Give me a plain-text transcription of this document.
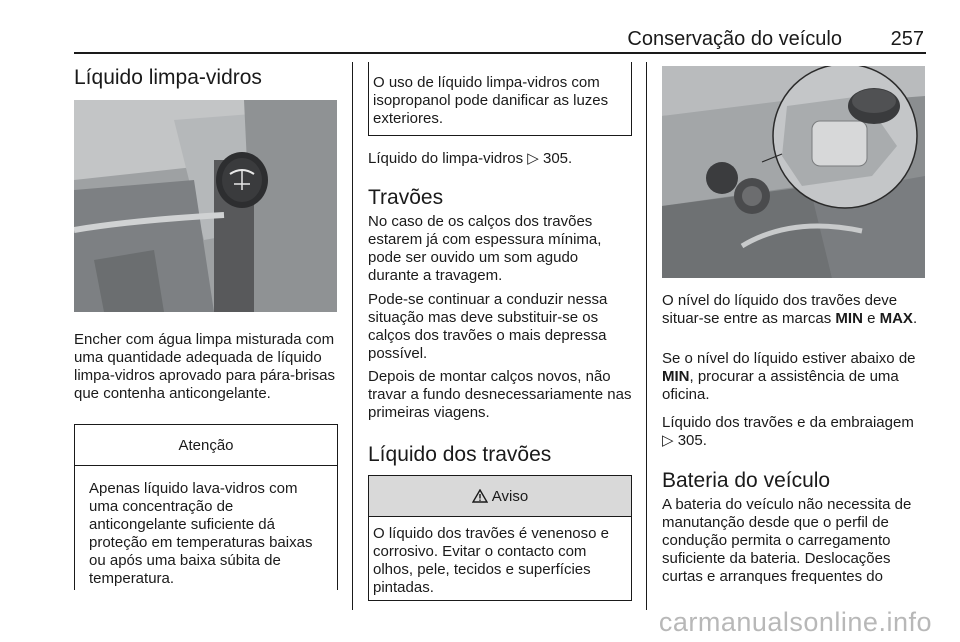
Conservação do veículo 257
Líquido limpa-vidros

Encher com água limpa misturada com uma quantidade adequada de líquido limpa-vidros aprovado para pára-brisas que contenha anticongelante.

Atenção
Apenas líquido lava-vidros com uma concentração de anticongelante suficiente dá proteção em temperaturas baixas ou após uma baixa súbita de temperatura.
O uso de líquido limpa-vidros com isopropanol pode danificar as luzes exteriores.

Líquido do limpa-vidros ▷ 305.

Travões

No caso de os calços dos travões estarem já com espessura mínima, pode ser ouvido um som agudo durante a travagem.

Pode-se continuar a conduzir nessa situação mas deve substituir-se os calços dos travões o mais depressa possível.

Depois de montar calços novos, não travar a fundo desnecessariamente nas primeiras viagens.

Líquido dos travões
Aviso
O líquido dos travões é venenoso e corrosivo. Evitar o contacto com olhos, pele, tecidos e superfícies pintadas.

O nível do líquido dos travões deve situar-se entre as marcas MIN e MAX.

Se o nível do líquido estiver abaixo de MIN, procurar a assistência de uma oficina.

Líquido dos travões e da embraiagem ▷ 305.

Bateria do veículo

A bateria do veículo não necessita de manutanção desde que o perfil de condução permita o carregamento suficiente da bateria. Deslocações curtas e arranques frequentes do

carmanualsonline.info
